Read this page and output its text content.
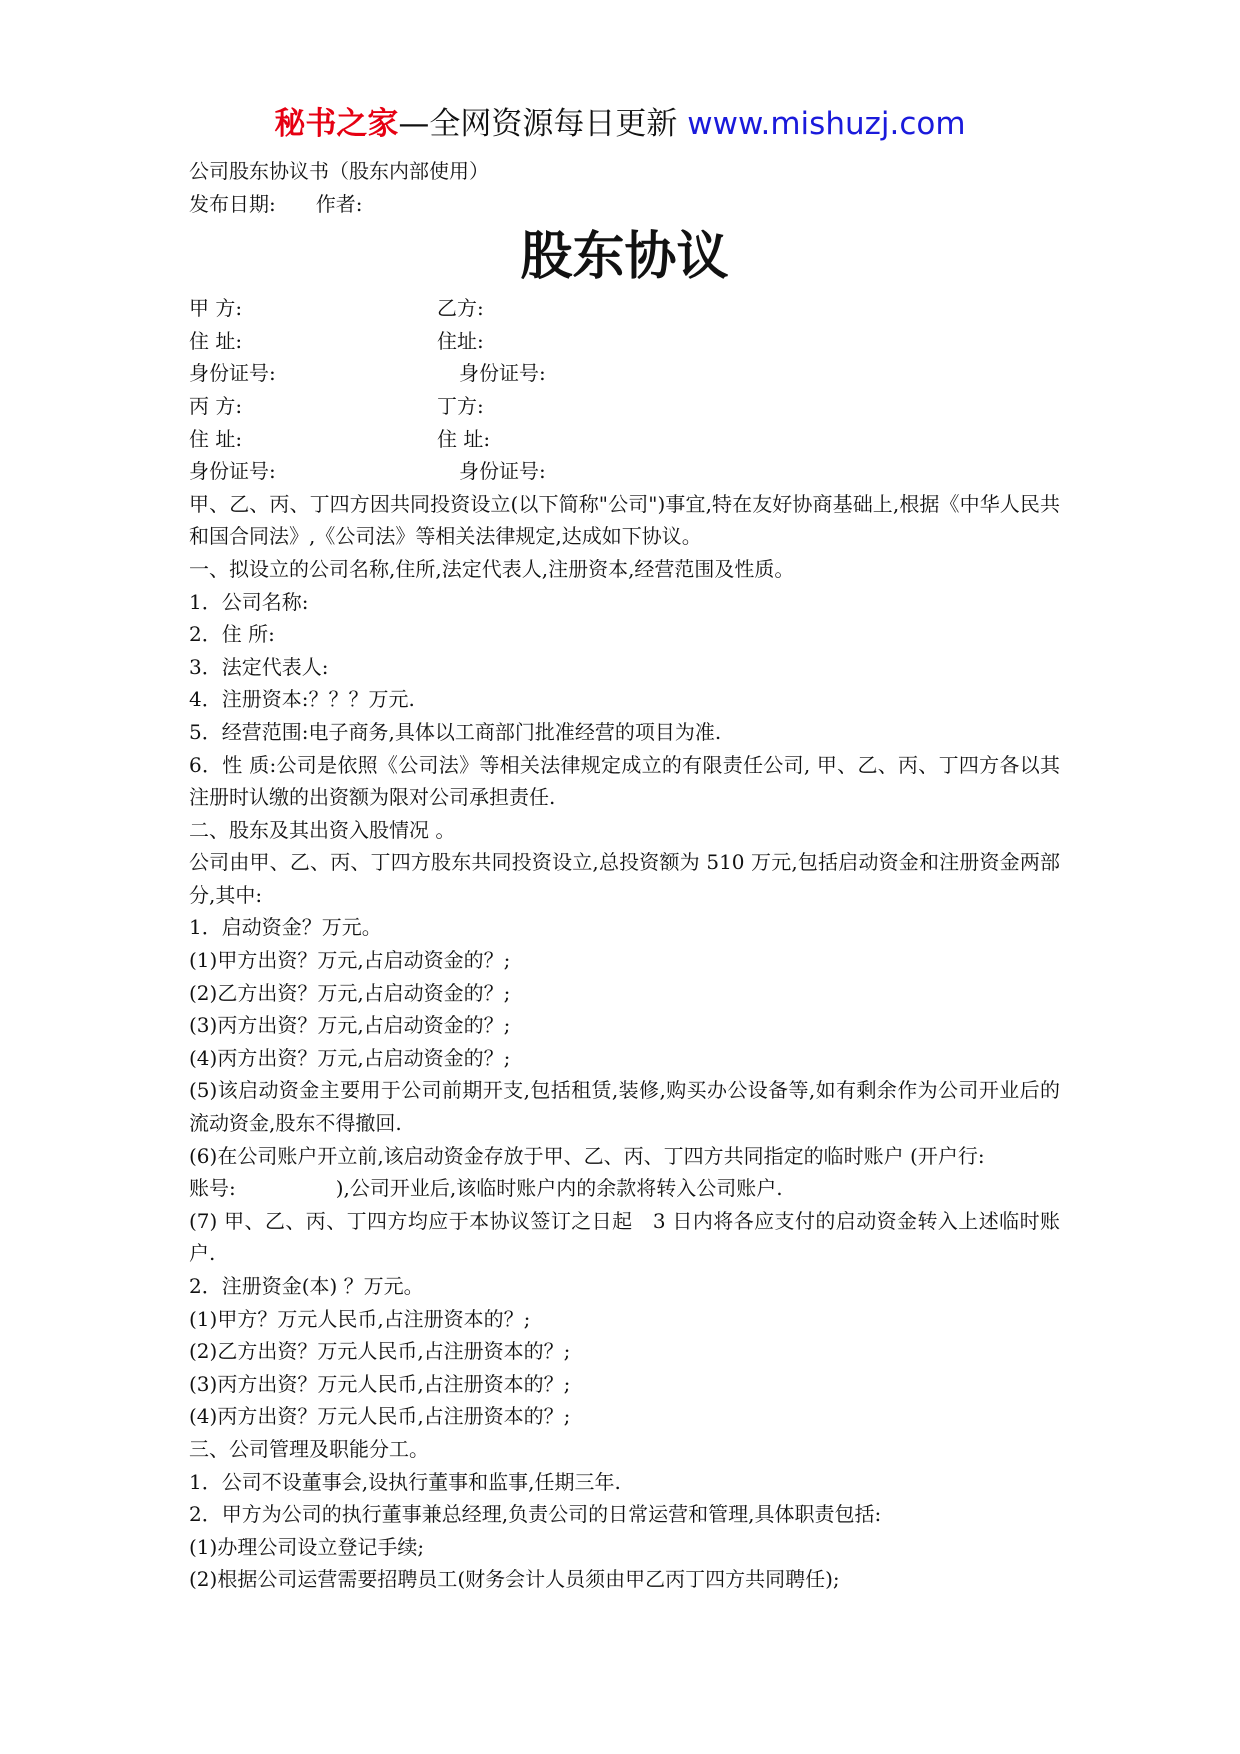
秘书之家—全网资源每日更新 www.mishuzj.com
公司股东协议书（股东内部使用）
发布日期:　　作者:
股东协议
甲 方:	乙方:
住 址:	住址:
身份证号:	身份证号:
丙 方:	丁方:
住 址:	住 址:
身份证号:	身份证号:
甲、乙、丙、丁四方因共同投资设立(以下简称"公司")事宜,特在友好协商基础上,根据《中华人民共和国合同法》,《公司法》等相关法律规定,达成如下协议。
一、拟设立的公司名称,住所,法定代表人,注册资本,经营范围及性质。
1．公司名称:
2．住 所:
3．法定代表人:
4．注册资本:？？？万元.
5．经营范围:电子商务,具体以工商部门批准经营的项目为准.
6．性 质:公司是依照《公司法》等相关法律规定成立的有限责任公司, 甲、乙、丙、丁四方各以其注册时认缴的出资额为限对公司承担责任.
二、股东及其出资入股情况 。
公司由甲、乙、丙、丁四方股东共同投资设立,总投资额为 510 万元,包括启动资金和注册资金两部分,其中:
1．启动资金？万元。
(1)甲方出资？万元,占启动资金的？;
(2)乙方出资？万元,占启动资金的？;
(3)丙方出资？万元,占启动资金的？;
(4)丙方出资？万元,占启动资金的？;
(5)该启动资金主要用于公司前期开支,包括租赁,装修,购买办公设备等,如有剩余作为公司开业后的流动资金,股东不得撤回.
(6)在公司账户开立前,该启动资金存放于甲、乙、丙、丁四方共同指定的临时账户 (开户行:
账号:　　　　　),公司开业后,该临时账户内的余款将转入公司账户.
(7) 甲、乙、丙、丁四方均应于本协议签订之日起　3 日内将各应支付的启动资金转入上述临时账户.
2．注册资金(本) ？万元。
(1)甲方？万元人民币,占注册资本的？;
(2)乙方出资？万元人民币,占注册资本的？;
(3)丙方出资？万元人民币,占注册资本的？;
(4)丙方出资？万元人民币,占注册资本的？;
三、公司管理及职能分工。
1．公司不设董事会,设执行董事和监事,任期三年.
2．甲方为公司的执行董事兼总经理,负责公司的日常运营和管理,具体职责包括:
(1)办理公司设立登记手续;
(2)根据公司运营需要招聘员工(财务会计人员须由甲乙丙丁四方共同聘任);
